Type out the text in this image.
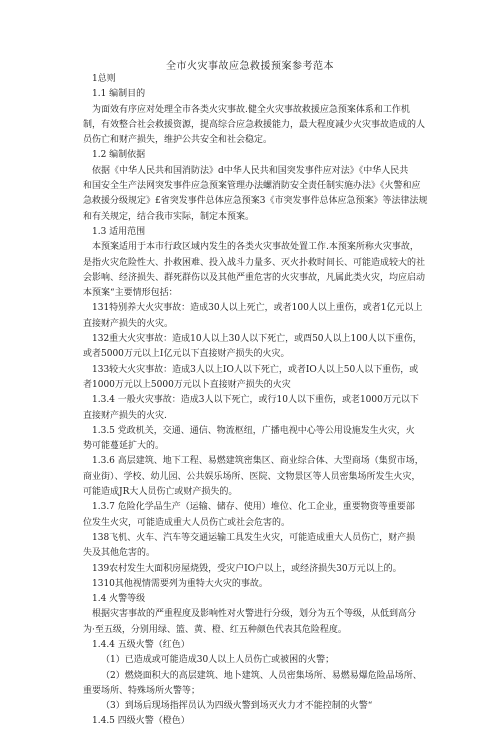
全市火灾事故应急救援预案参考范本

1总则

1.1 编制目的

为面效有序应对处理全市各类火灾事故.健全火灾事故救援应急预案体系和工作机

制，有效整合社会救援资源，提高综合应急救援能力，最大程度减少火灾事故造成的人

员伤亡和财产损失，维护公共安全和社会稳定。

1.2 编制依据

依据《中华人民共和国消防法》d中华人民共和国突发事件应对法》《中华人民共

和国安全生产法网突发事件应急预案管理办法螺消防安全责任制实施办法》《火警和应

急救援分级规定》£省突发事件总体应急预案3《市突发事件总体应急预案》等法律法规

和有关规定，结合我市实际，制定本预案。

1.3 适用范围

本预案适用于本市行政区域内发生的各类火灾事故处置工作.本预案所称火灾事故，

是指火灾危险性大、扑救困难、投入战斗力量多、灭火扑救时间长、可能造成较大的社

会影响、经济损失、群死群伤以及其他严重危害的火灾事故，凡属此类火灾，均应启动

本预案“主要情形包括：

131特别养大火灾事故：造成30人以上死亡，或者100人以上重伤，或者1亿元以上

直接财产损失的火灾。

132重大火灾事故：造成10人以上30人以下死亡，或酉50人以上100人以下重伤，

或者5000万元以上I亿元以下直接财产损失的火灾。

133较大火灾事故：造成3人以上IO人以下死亡，或者IO人以上50人以下重伤，或

者1000万元以上5000万元以卜直接财产损失的火灾

1.3.4 一般火灾事故：造成3人以下死亡，或行10人以下重伤，或老1000万元以下

直接财产损失的火灾.

1.3.5 党政机关，交通、通信、物流枢纽，广播电视中心等公用设施发生火灾，火

势可能蔓延扩大的。

1.3.6 高层建筑、地下工程、易燃建筑密集区、商业综合体、大型商场（集贸市场，

商业街）、学校、幼儿园、公共娱乐场所、医院、文物景区等人员密集场所发生火灾，

可能造成JR大人员伤亡或财产损失的。

1.3.7 危险化学品生产（运输、储存、使用）堆位、化工企业，重要物资等重要部

位发生火灾，可能造成重大人员伤亡或社会危害的。

138飞机、火车、汽车等交通运输工具发生火灾，可能造成重大人员伤亡，财产损

失及其他危害的。

139农村发生大面积房屋烧毁，受灾户IO户以上，或经济损失30万元以上的。

1310其他视情需要列为重特大火灾的事故。

1.4 火警等级

根据灾害事故的严重程度及影响性对火警进行分级，划分为五个等级，从低到高分

为·至五级，分别用绿、篮、黄、橙、红五种颜色代表其危险程度。

1.4.4 五级火警（红色）

（1）已造成或可能造成30人以上人员伤亡或被困的火警；

（2）燃烧面积大的高层建筑、地卜建筑、人员密集场所、易燃易爆危险品场所、

重要场所、特殊场所火警等；

（3）到场后现场指挥员认为四级火警到场灭火力才不能控制的火警“

1.4.5 四级火警（橙色）
